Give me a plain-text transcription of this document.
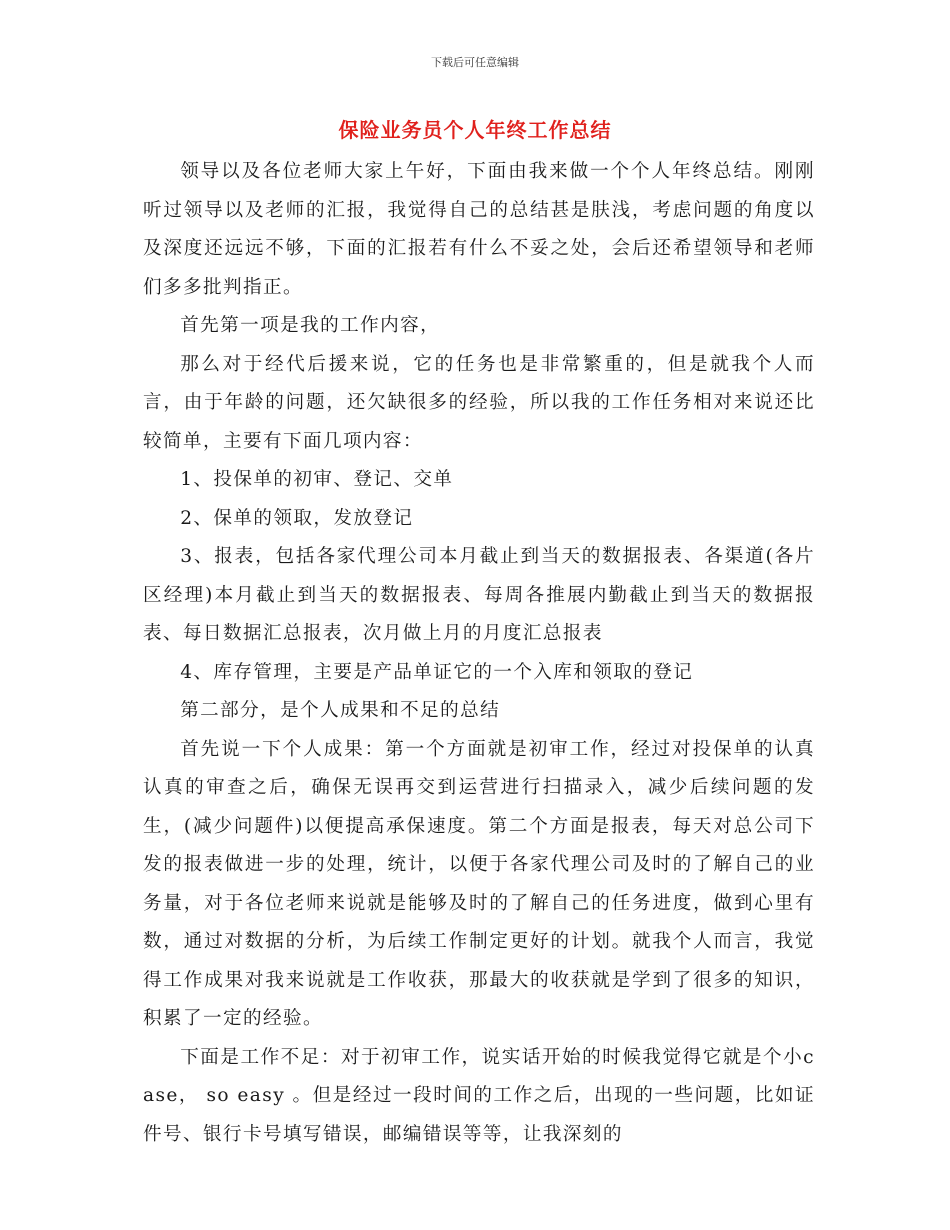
下载后可任意编辑
保险业务员个人年终工作总结

领导以及各位老师大家上午好，下面由我来做一个个人年终总结。刚刚听过领导以及老师的汇报，我觉得自己的总结甚是肤浅，考虑问题的角度以及深度还远远不够，下面的汇报若有什么不妥之处，会后还希望领导和老师们多多批判指正。

首先第一项是我的工作内容，

那么对于经代后援来说，它的任务也是非常繁重的，但是就我个人而言，由于年龄的问题，还欠缺很多的经验，所以我的工作任务相对来说还比较简单，主要有下面几项内容：

1、投保单的初审、登记、交单

2、保单的领取，发放登记

3、报表，包括各家代理公司本月截止到当天的数据报表、各渠道(各片区经理)本月截止到当天的数据报表、每周各推展内勤截止到当天的数据报表、每日数据汇总报表，次月做上月的月度汇总报表

4、库存管理，主要是产品单证它的一个入库和领取的登记

第二部分，是个人成果和不足的总结

首先说一下个人成果：第一个方面就是初审工作，经过对投保单的认真认真的审查之后，确保无误再交到运营进行扫描录入，减少后续问题的发生，(减少问题件)以便提高承保速度。第二个方面是报表，每天对总公司下发的报表做进一步的处理，统计，以便于各家代理公司及时的了解自己的业务量，对于各位老师来说就是能够及时的了解自己的任务进度，做到心里有数，通过对数据的分析，为后续工作制定更好的计划。就我个人而言，我觉得工作成果对我来说就是工作收获，那最大的收获就是学到了很多的知识，积累了一定的经验。

下面是工作不足：对于初审工作，说实话开始的时候我觉得它就是个小case， so easy 。但是经过一段时间的工作之后，出现的一些问题，比如证件号、银行卡号填写错误，邮编错误等等，让我深刻的
